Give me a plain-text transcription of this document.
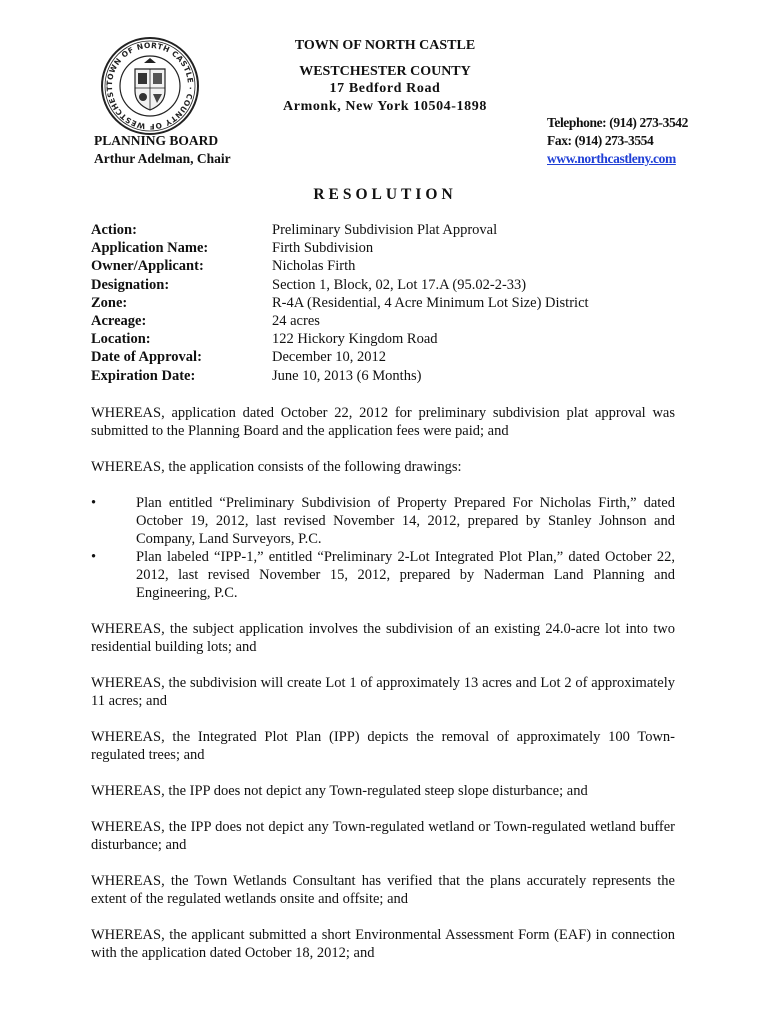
TOWN OF NORTH CASTLE · COUNTY OF WESTCHEST
TOWN OF NORTH CASTLE
WESTCHESTER COUNTY
17 Bedford Road
Armonk, New York 10504-1898
PLANNING BOARD
Arthur Adelman, Chair
Telephone: (914) 273-3542
Fax: (914) 273-3554
www.northcastleny.com
RESOLUTION
Action:	Preliminary Subdivision Plat Approval
Application Name:	Firth Subdivision
Owner/Applicant:	Nicholas Firth
Designation:	Section 1, Block, 02, Lot 17.A (95.02-2-33)
Zone:	R-4A (Residential, 4 Acre Minimum Lot Size) District
Acreage:	24 acres
Location:	122 Hickory Kingdom Road
Date of Approval:	December 10, 2012
Expiration Date:	June 10, 2013 (6 Months)

WHEREAS, application dated October 22, 2012 for preliminary subdivision plat approval was submitted to the Planning Board and the application fees were paid; and

WHEREAS, the application consists of the following drawings:

•	Plan entitled “Preliminary Subdivision of Property Prepared For Nicholas Firth,” dated October 19, 2012, last revised November 14, 2012, prepared by Stanley Johnson and Company, Land Surveyors, P.C.
•	Plan labeled “IPP-1,” entitled “Preliminary 2-Lot Integrated Plot Plan,” dated October 22, 2012, last revised November 15, 2012, prepared by Naderman Land Planning and Engineering, P.C.

WHEREAS, the subject application involves the subdivision of an existing 24.0-acre lot into two residential building lots; and

WHEREAS, the subdivision will create Lot 1 of approximately 13 acres and Lot 2 of approximately 11 acres; and

WHEREAS, the Integrated Plot Plan (IPP) depicts the removal of approximately 100 Town-regulated trees; and

WHEREAS, the IPP does not depict any Town-regulated steep slope disturbance; and

WHEREAS, the IPP does not depict any Town-regulated wetland or Town-regulated wetland buffer disturbance; and

WHEREAS, the Town Wetlands Consultant has verified that the plans accurately represents the extent of the regulated wetlands onsite and offsite; and

WHEREAS, the applicant submitted a short Environmental Assessment Form (EAF) in connection with the application dated October 18, 2012; and
